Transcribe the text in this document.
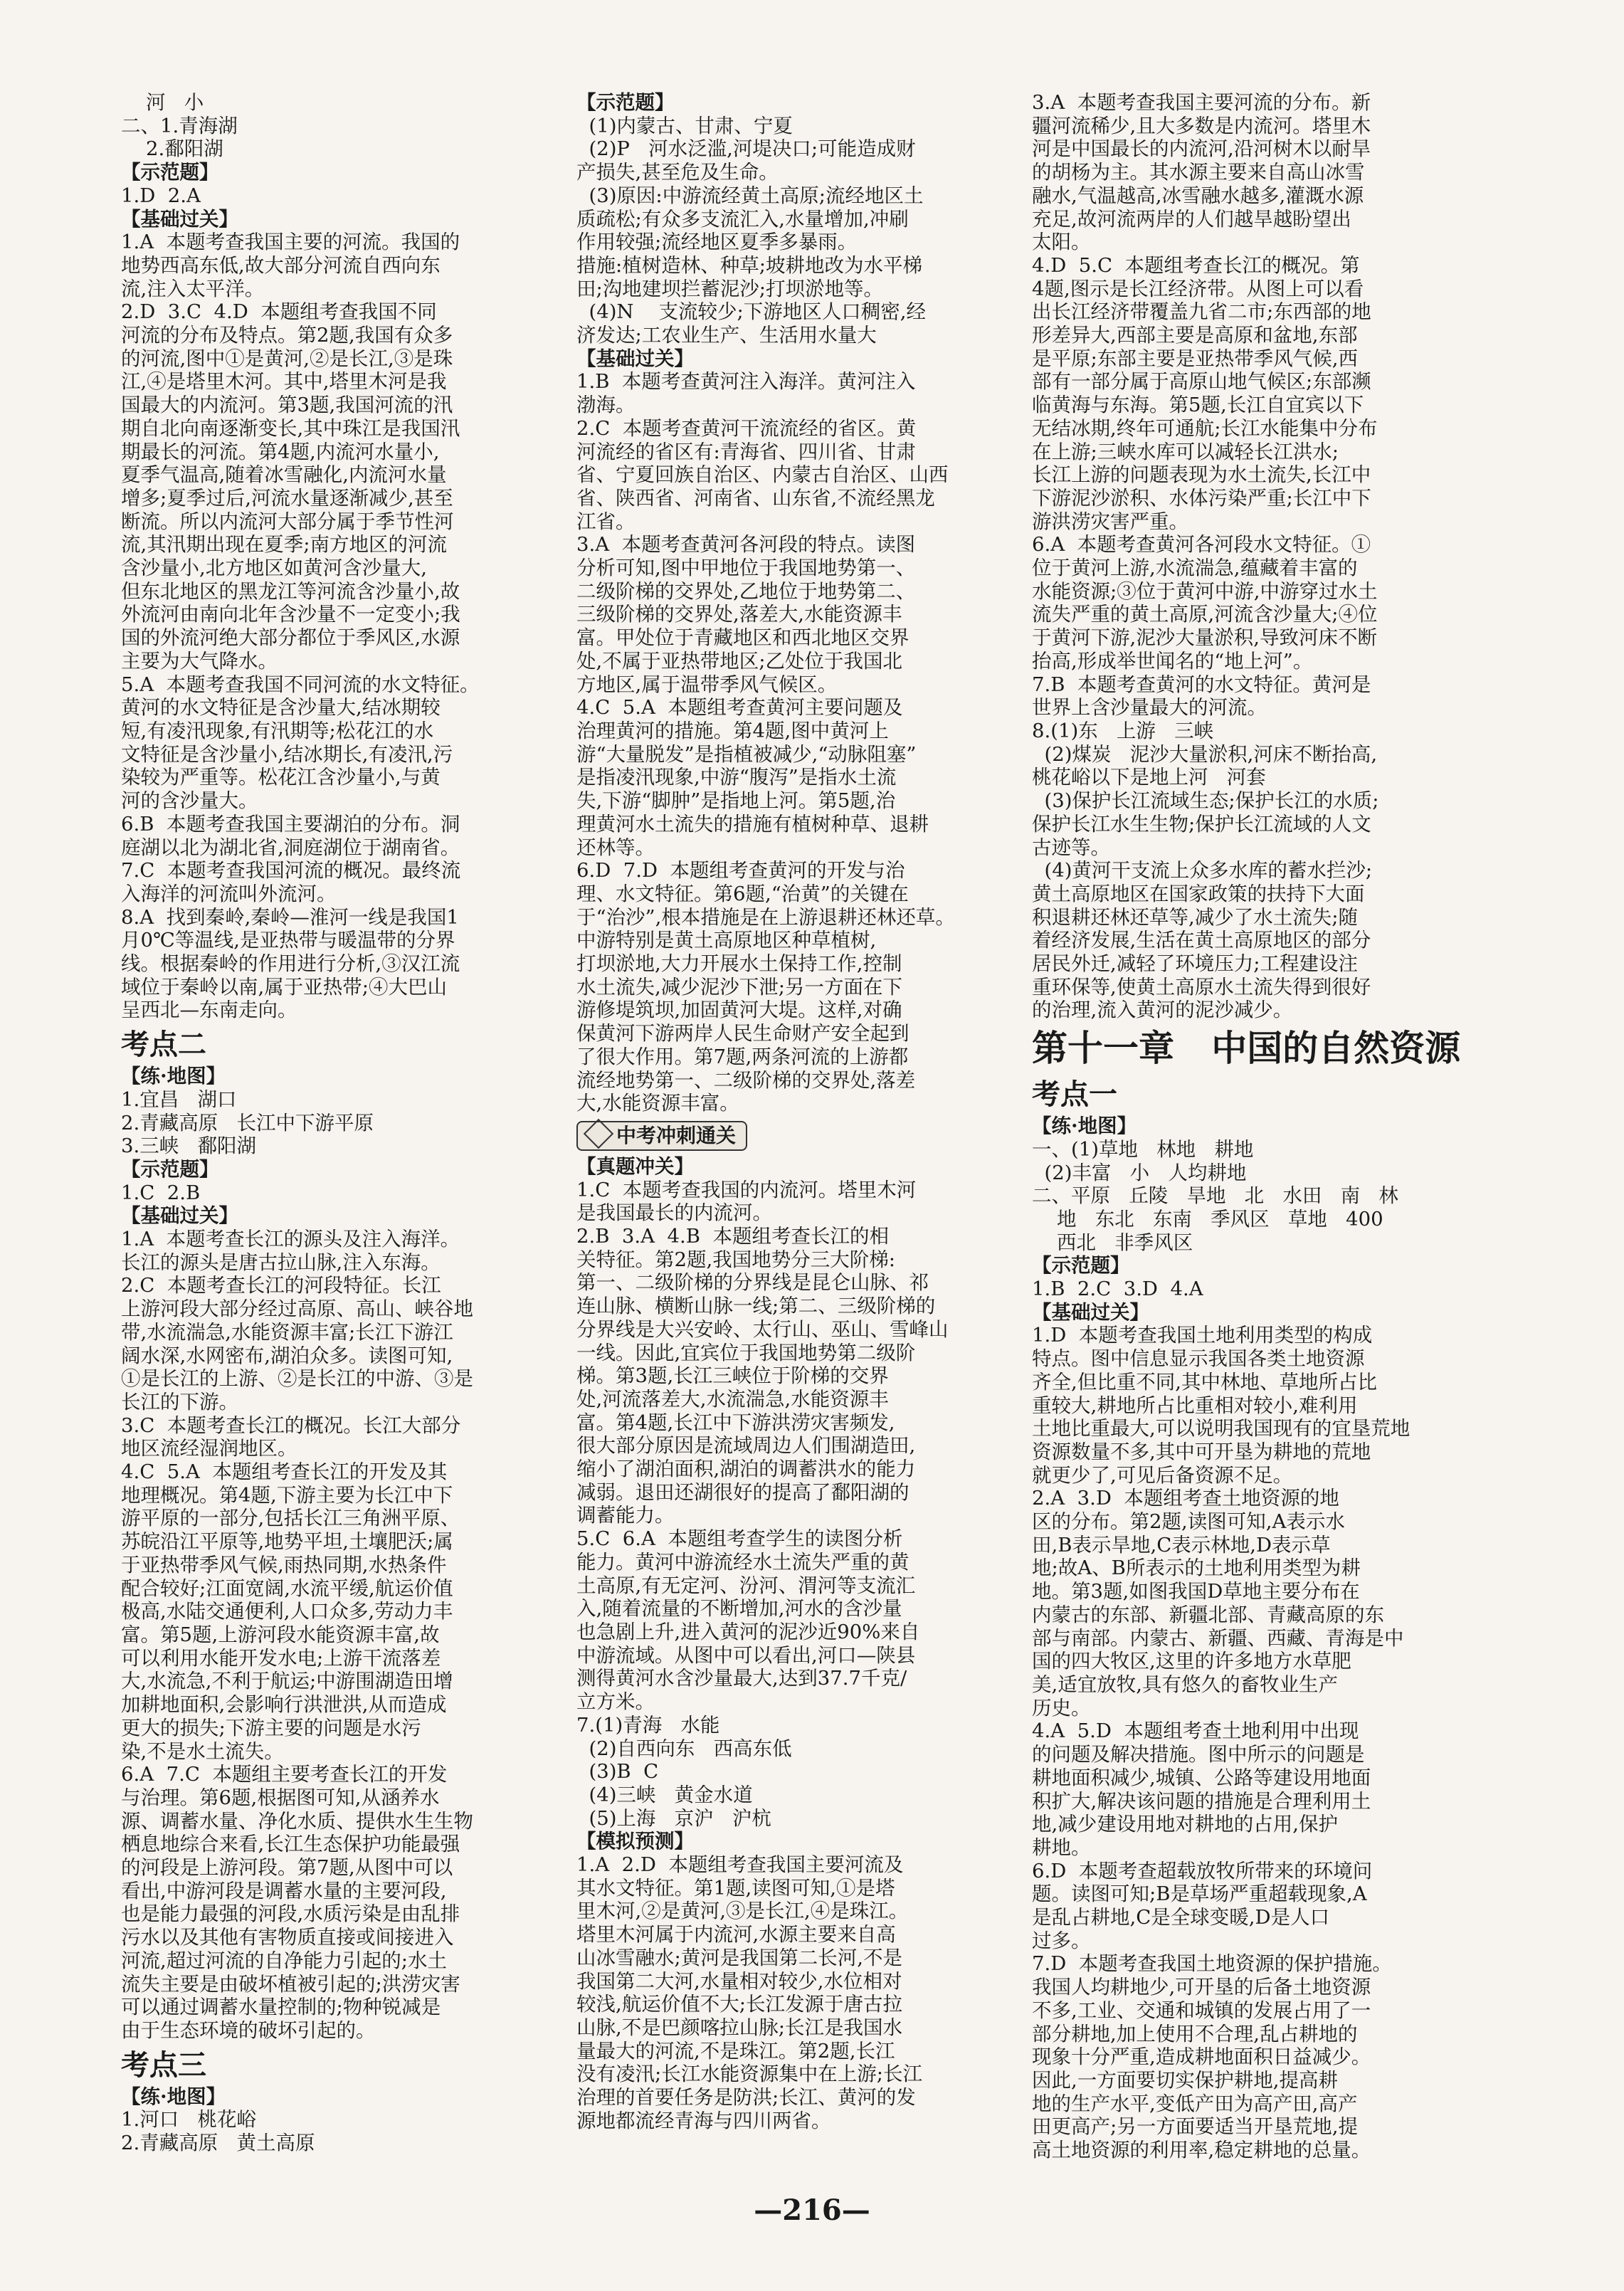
河   小
二、1.青海湖
2.鄱阳湖
【示范题】
1.D  2.A
【基础过关】
1.A  本题考查我国主要的河流。我国的
地势西高东低,故大部分河流自西向东
流,注入太平洋。
2.D  3.C  4.D  本题组考查我国不同
河流的分布及特点。第2题,我国有众多
的河流,图中①是黄河,②是长江,③是珠
江,④是塔里木河。其中,塔里木河是我
国最大的内流河。第3题,我国河流的汛
期自北向南逐渐变长,其中珠江是我国汛
期最长的河流。第4题,内流河水量小,
夏季气温高,随着冰雪融化,内流河水量
增多;夏季过后,河流水量逐渐减少,甚至
断流。所以内流河大部分属于季节性河
流,其汛期出现在夏季;南方地区的河流
含沙量小,北方地区如黄河含沙量大,
但东北地区的黑龙江等河流含沙量小,故
外流河由南向北年含沙量不一定变小;我
国的外流河绝大部分都位于季风区,水源
主要为大气降水。
5.A  本题考查我国不同河流的水文特征。
黄河的水文特征是含沙量大,结冰期较
短,有凌汛现象,有汛期等;松花江的水
文特征是含沙量小,结冰期长,有凌汛,污
染较为严重等。松花江含沙量小,与黄
河的含沙量大。
6.B  本题考查我国主要湖泊的分布。洞
庭湖以北为湖北省,洞庭湖位于湖南省。
7.C  本题考查我国河流的概况。最终流
入海洋的河流叫外流河。
8.A  找到秦岭,秦岭—淮河一线是我国1
月0℃等温线,是亚热带与暖温带的分界
线。根据秦岭的作用进行分析,③汉江流
域位于秦岭以南,属于亚热带;④大巴山
呈西北—东南走向。
考点二
【练·地图】
1.宜昌   湖口
2.青藏高原   长江中下游平原
3.三峡   鄱阳湖
【示范题】
1.C  2.B
【基础过关】
1.A  本题考查长江的源头及注入海洋。
长江的源头是唐古拉山脉,注入东海。
2.C  本题考查长江的河段特征。长江
上游河段大部分经过高原、高山、峡谷地
带,水流湍急,水能资源丰富;长江下游江
阔水深,水网密布,湖泊众多。读图可知,
①是长江的上游、②是长江的中游、③是
长江的下游。
3.C  本题考查长江的概况。长江大部分
地区流经湿润地区。
4.C  5.A  本题组考查长江的开发及其
地理概况。第4题,下游主要为长江中下
游平原的一部分,包括长江三角洲平原、
苏皖沿江平原等,地势平坦,土壤肥沃;属
于亚热带季风气候,雨热同期,水热条件
配合较好;江面宽阔,水流平缓,航运价值
极高,水陆交通便利,人口众多,劳动力丰
富。第5题,上游河段水能资源丰富,故
可以利用水能开发水电;上游干流落差
大,水流急,不利于航运;中游围湖造田增
加耕地面积,会影响行洪泄洪,从而造成
更大的损失;下游主要的问题是水污
染,不是水土流失。
6.A  7.C  本题组主要考查长江的开发
与治理。第6题,根据图可知,从涵养水
源、调蓄水量、净化水质、提供水生生物
栖息地综合来看,长江生态保护功能最强
的河段是上游河段。第7题,从图中可以
看出,中游河段是调蓄水量的主要河段,
也是能力最强的河段,水质污染是由乱排
污水以及其他有害物质直接或间接进入
河流,超过河流的自净能力引起的;水土
流失主要是由破坏植被引起的;洪涝灾害
可以通过调蓄水量控制的;物种锐减是
由于生态环境的破坏引起的。
考点三
【练·地图】
1.河口   桃花峪
2.青藏高原   黄土高原
【示范题】
(1)内蒙古、甘肃、宁夏
(2)P   河水泛滥,河堤决口;可能造成财
产损失,甚至危及生命。
(3)原因:中游流经黄土高原;流经地区土
质疏松;有众多支流汇入,水量增加,冲刷
作用较强;流经地区夏季多暴雨。
措施:植树造林、种草;坡耕地改为水平梯
田;沟地建坝拦蓄泥沙;打坝淤地等。
(4)N    支流较少;下游地区人口稠密,经
济发达;工农业生产、生活用水量大
【基础过关】
1.B  本题考查黄河注入海洋。黄河注入
渤海。
2.C  本题考查黄河干流流经的省区。黄
河流经的省区有:青海省、四川省、甘肃
省、宁夏回族自治区、内蒙古自治区、山西
省、陕西省、河南省、山东省,不流经黑龙
江省。
3.A  本题考查黄河各河段的特点。读图
分析可知,图中甲地位于我国地势第一、
二级阶梯的交界处,乙地位于地势第二、
三级阶梯的交界处,落差大,水能资源丰
富。甲处位于青藏地区和西北地区交界
处,不属于亚热带地区;乙处位于我国北
方地区,属于温带季风气候区。
4.C  5.A  本题组考查黄河主要问题及
治理黄河的措施。第4题,图中黄河上
游“大量脱发”是指植被减少,“动脉阻塞”
是指凌汛现象,中游“腹泻”是指水土流
失,下游“脚肿”是指地上河。第5题,治
理黄河水土流失的措施有植树种草、退耕
还林等。
6.D  7.D  本题组考查黄河的开发与治
理、水文特征。第6题,“治黄”的关键在
于“治沙”,根本措施是在上游退耕还林还草。
中游特别是黄土高原地区种草植树,
打坝淤地,大力开展水土保持工作,控制
水土流失,减少泥沙下泄;另一方面在下
游修堤筑坝,加固黄河大堤。这样,对确
保黄河下游两岸人民生命财产安全起到
了很大作用。第7题,两条河流的上游都
流经地势第一、二级阶梯的交界处,落差
大,水能资源丰富。
中考冲刺通关
【真题冲关】
1.C  本题考查我国的内流河。塔里木河
是我国最长的内流河。
2.B  3.A  4.B  本题组考查长江的相
关特征。第2题,我国地势分三大阶梯:
第一、二级阶梯的分界线是昆仑山脉、祁
连山脉、横断山脉一线;第二、三级阶梯的
分界线是大兴安岭、太行山、巫山、雪峰山
一线。因此,宜宾位于我国地势第二级阶
梯。第3题,长江三峡位于阶梯的交界
处,河流落差大,水流湍急,水能资源丰
富。第4题,长江中下游洪涝灾害频发,
很大部分原因是流域周边人们围湖造田,
缩小了湖泊面积,湖泊的调蓄洪水的能力
减弱。退田还湖很好的提高了鄱阳湖的
调蓄能力。
5.C  6.A  本题组考查学生的读图分析
能力。黄河中游流经水土流失严重的黄
土高原,有无定河、汾河、渭河等支流汇
入,随着流量的不断增加,河水的含沙量
也急剧上升,进入黄河的泥沙近90%来自
中游流域。从图中可以看出,河口—陕县
测得黄河水含沙量最大,达到37.7千克/
立方米。
7.(1)青海   水能
(2)自西向东   西高东低
(3)B  C
(4)三峡   黄金水道
(5)上海   京沪   沪杭
【模拟预测】
1.A  2.D  本题组考查我国主要河流及
其水文特征。第1题,读图可知,①是塔
里木河,②是黄河,③是长江,④是珠江。
塔里木河属于内流河,水源主要来自高
山冰雪融水;黄河是我国第二长河,不是
我国第二大河,水量相对较少,水位相对
较浅,航运价值不大;长江发源于唐古拉
山脉,不是巴颜喀拉山脉;长江是我国水
量最大的河流,不是珠江。第2题,长江
没有凌汛;长江水能资源集中在上游;长江
治理的首要任务是防洪;长江、黄河的发
源地都流经青海与四川两省。
3.A  本题考查我国主要河流的分布。新
疆河流稀少,且大多数是内流河。塔里木
河是中国最长的内流河,沿河树木以耐旱
的胡杨为主。其水源主要来自高山冰雪
融水,气温越高,冰雪融水越多,灌溉水源
充足,故河流两岸的人们越旱越盼望出
太阳。
4.D  5.C  本题组考查长江的概况。第
4题,图示是长江经济带。从图上可以看
出长江经济带覆盖九省二市;东西部的地
形差异大,西部主要是高原和盆地,东部
是平原;东部主要是亚热带季风气候,西
部有一部分属于高原山地气候区;东部濒
临黄海与东海。第5题,长江自宜宾以下
无结冰期,终年可通航;长江水能集中分布
在上游;三峡水库可以减轻长江洪水;
长江上游的问题表现为水土流失,长江中
下游泥沙淤积、水体污染严重;长江中下
游洪涝灾害严重。
6.A  本题考查黄河各河段水文特征。①
位于黄河上游,水流湍急,蕴藏着丰富的
水能资源;③位于黄河中游,中游穿过水土
流失严重的黄土高原,河流含沙量大;④位
于黄河下游,泥沙大量淤积,导致河床不断
抬高,形成举世闻名的“地上河”。
7.B  本题考查黄河的水文特征。黄河是
世界上含沙量最大的河流。
8.(1)东   上游   三峡
(2)煤炭   泥沙大量淤积,河床不断抬高,
桃花峪以下是地上河   河套
(3)保护长江流域生态;保护长江的水质;
保护长江水生生物;保护长江流域的人文
古迹等。
(4)黄河干支流上众多水库的蓄水拦沙;
黄土高原地区在国家政策的扶持下大面
积退耕还林还草等,减少了水土流失;随
着经济发展,生活在黄土高原地区的部分
居民外迁,减轻了环境压力;工程建设注
重环保等,使黄土高原水土流失得到很好
的治理,流入黄河的泥沙减少。
第十一章   中国的自然资源
考点一
【练·地图】
一、(1)草地   林地   耕地
(2)丰富   小   人均耕地
二、平原   丘陵   旱地   北   水田   南   林
地   东北   东南   季风区   草地   400
西北   非季风区
【示范题】
1.B  2.C  3.D  4.A
【基础过关】
1.D  本题考查我国土地利用类型的构成
特点。图中信息显示我国各类土地资源
齐全,但比重不同,其中林地、草地所占比
重较大,耕地所占比重相对较小,难利用
土地比重最大,可以说明我国现有的宜垦荒地
资源数量不多,其中可开垦为耕地的荒地
就更少了,可见后备资源不足。
2.A  3.D  本题组考查土地资源的地
区的分布。第2题,读图可知,A表示水
田,B表示旱地,C表示林地,D表示草
地;故A、B所表示的土地利用类型为耕
地。第3题,如图我国D草地主要分布在
内蒙古的东部、新疆北部、青藏高原的东
部与南部。内蒙古、新疆、西藏、青海是中
国的四大牧区,这里的许多地方水草肥
美,适宜放牧,具有悠久的畜牧业生产
历史。
4.A  5.D  本题组考查土地利用中出现
的问题及解决措施。图中所示的问题是
耕地面积减少,城镇、公路等建设用地面
积扩大,解决该问题的措施是合理利用土
地,减少建设用地对耕地的占用,保护
耕地。
6.D  本题考查超载放牧所带来的环境问
题。读图可知;B是草场严重超载现象,A
是乱占耕地,C是全球变暖,D是人口
过多。
7.D  本题考查我国土地资源的保护措施。
我国人均耕地少,可开垦的后备土地资源
不多,工业、交通和城镇的发展占用了一
部分耕地,加上使用不合理,乱占耕地的
现象十分严重,造成耕地面积日益减少。
因此,一方面要切实保护耕地,提高耕
地的生产水平,变低产田为高产田,高产
田更高产;另一方面要适当开垦荒地,提
高土地资源的利用率,稳定耕地的总量。
—216—
